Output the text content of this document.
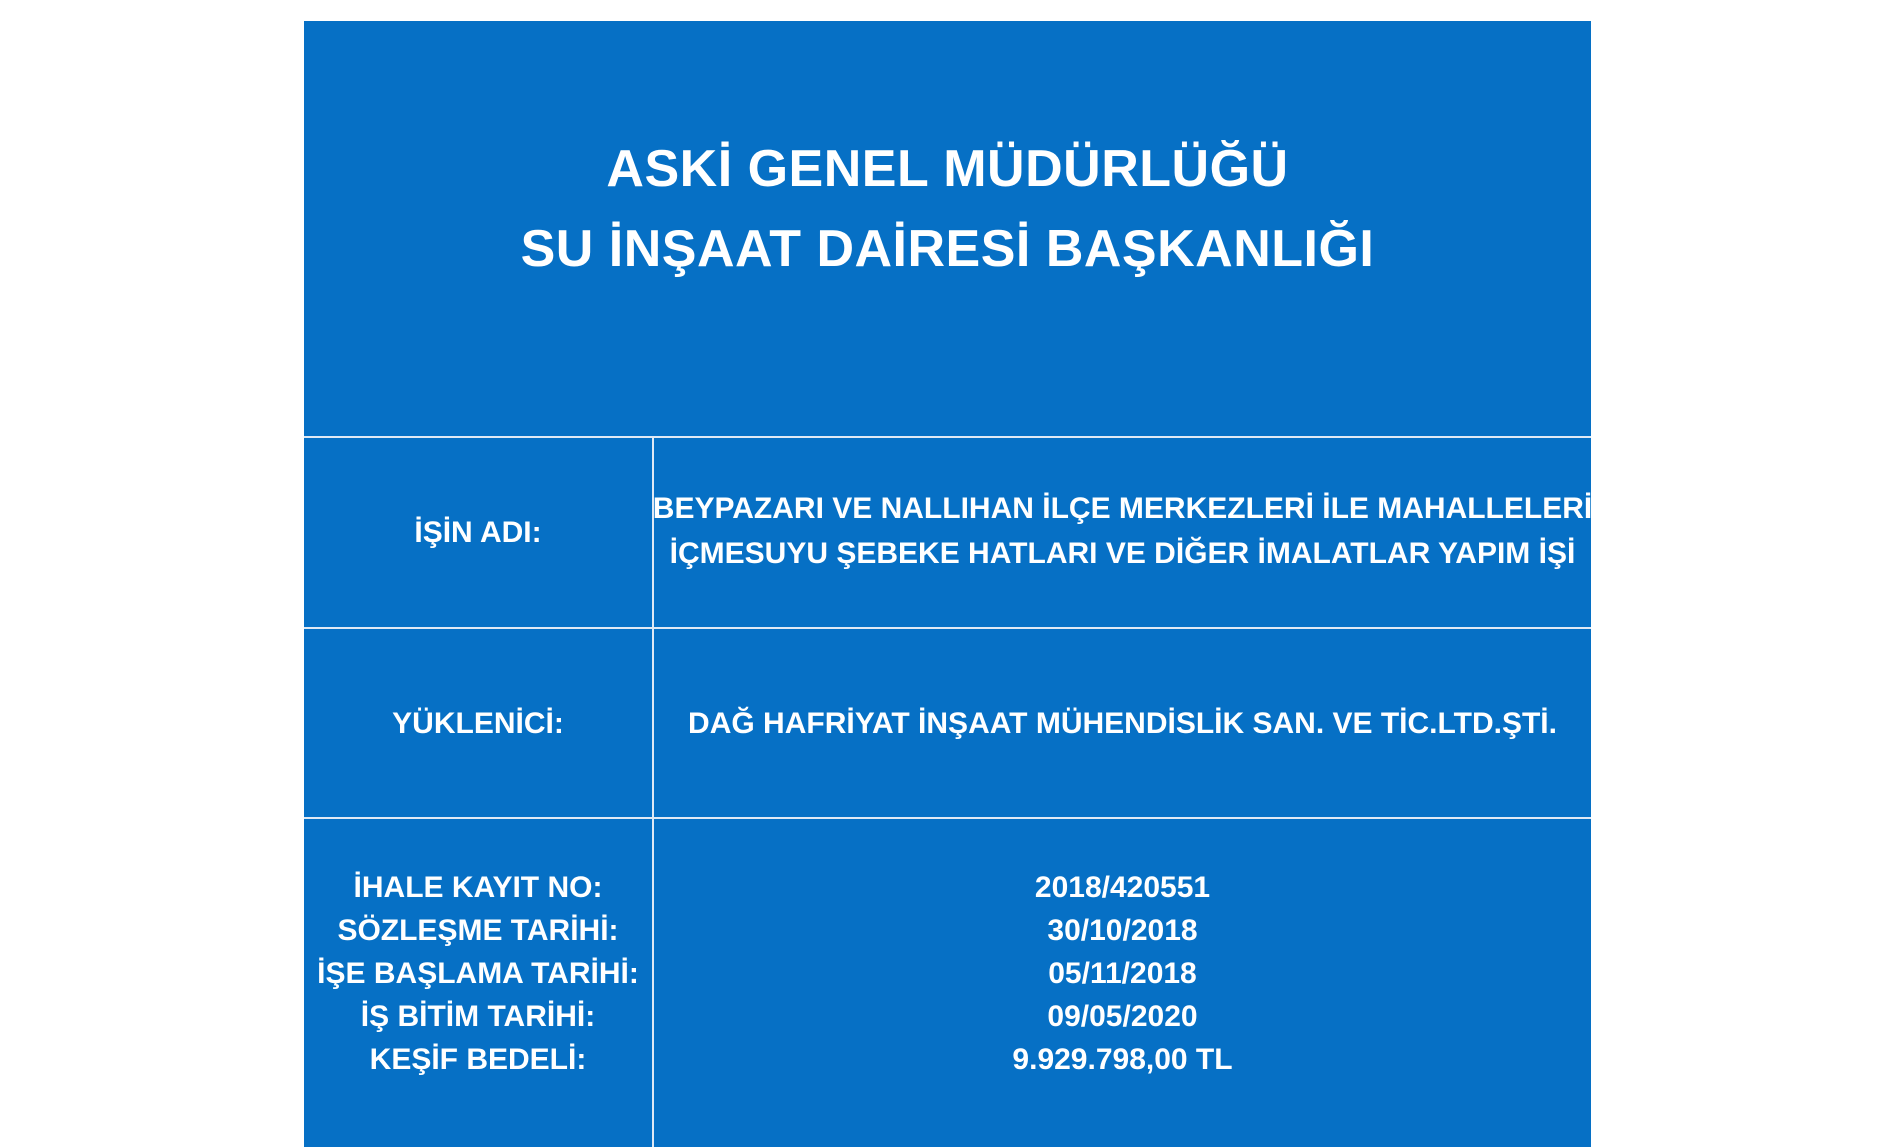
ASKİ GENEL MÜDÜRLÜĞÜ
SU İNŞAAT DAİRESİ BAŞKANLIĞI
İŞİN ADI:
BEYPAZARI VE NALLIHAN İLÇE MERKEZLERİ İLE MAHALLELERİ
İÇMESUYU ŞEBEKE HATLARI VE DİĞER İMALATLAR YAPIM İŞİ
YÜKLENİCİ:	DAĞ HAFRİYAT İNŞAAT MÜHENDİSLİK SAN. VE TİC.LTD.ŞTİ.
İHALE KAYIT NO:
SÖZLEŞME TARİHİ:
İŞE BAŞLAMA TARİHİ:
İŞ BİTİM TARİHİ:
KEŞİF BEDELİ:
2018/420551
30/10/2018
05/11/2018
09/05/2020
9.929.798,00 TL
